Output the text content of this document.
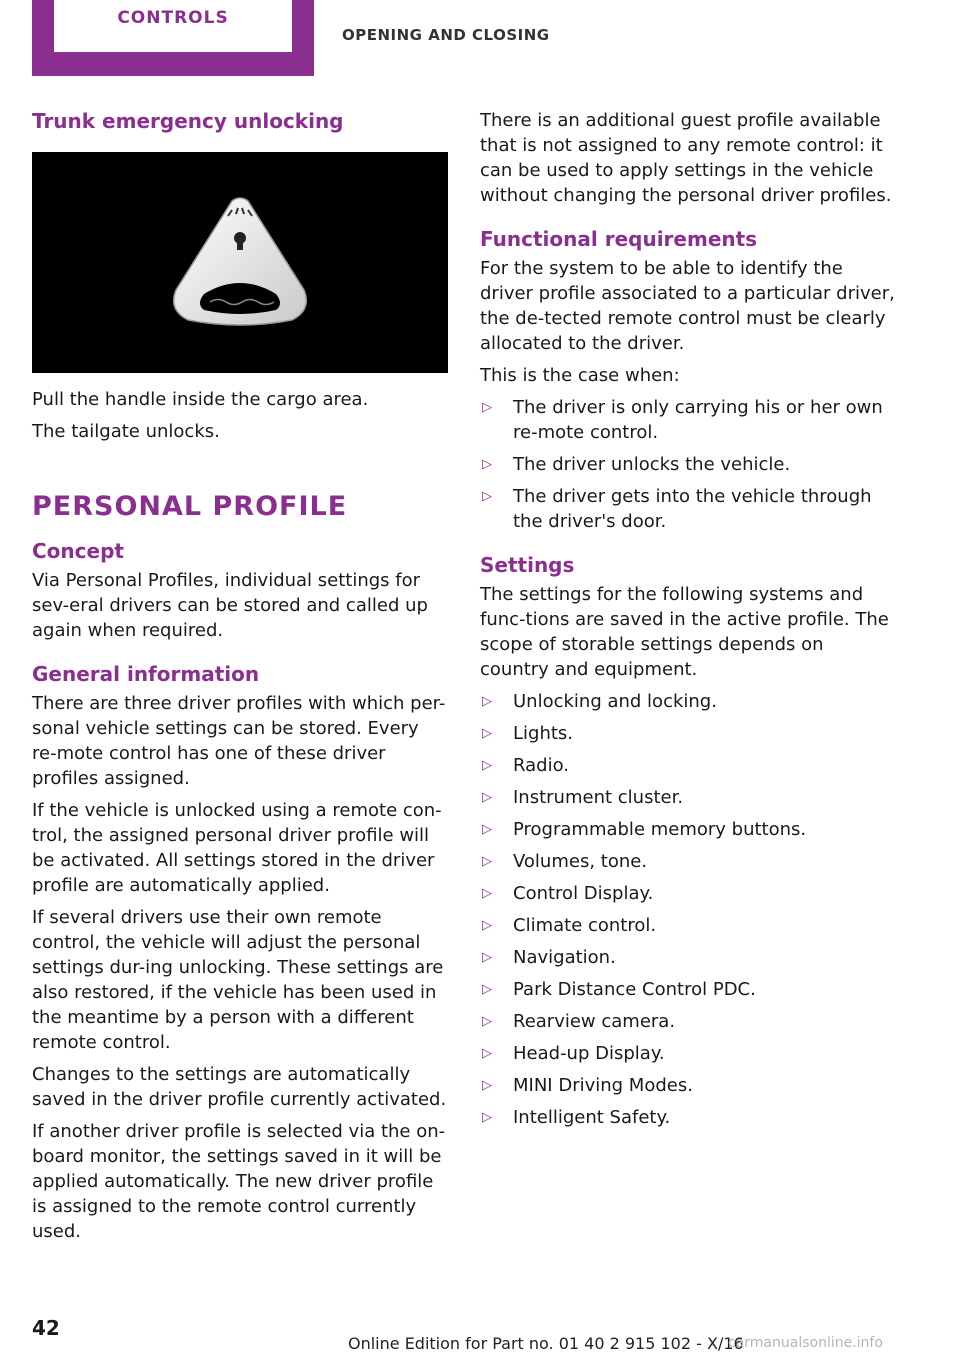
CONTROLS
OPENING AND CLOSING
Trunk emergency unlocking

Pull the handle inside the cargo area.

The tailgate unlocks.

PERSONAL PROFILE
Concept

Via Personal Profiles, individual settings for sev-eral drivers can be stored and called up again when required.

General information

There are three driver profiles with which per-sonal vehicle settings can be stored. Every re-mote control has one of these driver profiles assigned.

If the vehicle is unlocked using a remote con-trol, the assigned personal driver profile will be activated. All settings stored in the driver profile are automatically applied.

If several drivers use their own remote control, the vehicle will adjust the personal settings dur-ing unlocking. These settings are also restored, if the vehicle has been used in the meantime by a person with a different remote control.

Changes to the settings are automatically saved in the driver profile currently activated.

If another driver profile is selected via the on-board monitor, the settings saved in it will be applied automatically. The new driver profile is assigned to the remote control currently used.

There is an additional guest profile available that is not assigned to any remote control: it can be used to apply settings in the vehicle without changing the personal driver profiles.

Functional requirements

For the system to be able to identify the driver profile associated to a particular driver, the de-tected remote control must be clearly allocated to the driver.

This is the case when:

▷ The driver is only carrying his or her own re-mote control.
▷ The driver unlocks the vehicle.
▷ The driver gets into the vehicle through the driver's door.
Settings

The settings for the following systems and func-tions are saved in the active profile. The scope of storable settings depends on country and equipment.

▷ Unlocking and locking.
▷ Lights.
▷ Radio.
▷ Instrument cluster.
▷ Programmable memory buttons.
▷ Volumes, tone.
▷ Control Display.
▷ Climate control.
▷ Navigation.
▷ Park Distance Control PDC.
▷ Rearview camera.
▷ Head-up Display.
▷ MINI Driving Modes.
▷ Intelligent Safety.
42
Online Edition for Part no. 01 40 2 915 102 - X/16
carmanualsonline.info
